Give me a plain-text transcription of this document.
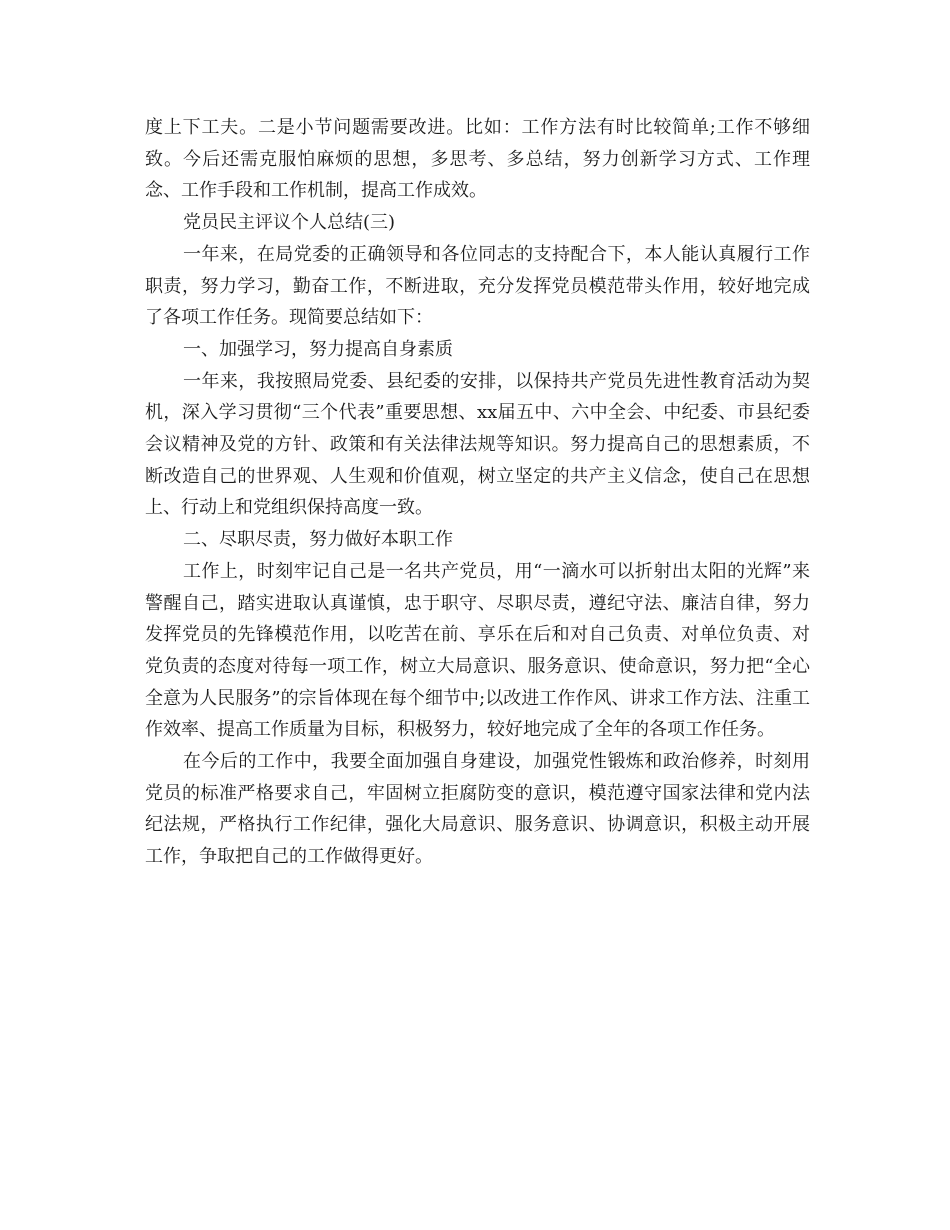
度上下工夫。二是小节问题需要改进。比如：工作方法有时比较简单;工作不够细致。今后还需克服怕麻烦的思想，多思考、多总结，努力创新学习方式、工作理念、工作手段和工作机制，提高工作成效。

党员民主评议个人总结(三)

一年来，在局党委的正确领导和各位同志的支持配合下，本人能认真履行工作职责，努力学习，勤奋工作，不断进取，充分发挥党员模范带头作用，较好地完成了各项工作任务。现简要总结如下：

一、加强学习，努力提高自身素质

一年来，我按照局党委、县纪委的安排，以保持共产党员先进性教育活动为契机，深入学习贯彻“三个代表”重要思想、xx届五中、六中全会、中纪委、市县纪委会议精神及党的方针、政策和有关法律法规等知识。努力提高自己的思想素质，不断改造自己的世界观、人生观和价值观，树立坚定的共产主义信念，使自己在思想上、行动上和党组织保持高度一致。

二、尽职尽责，努力做好本职工作

工作上，时刻牢记自己是一名共产党员，用“一滴水可以折射出太阳的光辉”来警醒自己，踏实进取认真谨慎，忠于职守、尽职尽责，遵纪守法、廉洁自律，努力发挥党员的先锋模范作用，以吃苦在前、享乐在后和对自己负责、对单位负责、对党负责的态度对待每一项工作，树立大局意识、服务意识、使命意识，努力把“全心全意为人民服务”的宗旨体现在每个细节中;以改进工作作风、讲求工作方法、注重工作效率、提高工作质量为目标，积极努力，较好地完成了全年的各项工作任务。

在今后的工作中，我要全面加强自身建设，加强党性锻炼和政治修养，时刻用党员的标准严格要求自己，牢固树立拒腐防变的意识，模范遵守国家法律和党内法纪法规，严格执行工作纪律，强化大局意识、服务意识、协调意识，积极主动开展工作，争取把自己的工作做得更好。
